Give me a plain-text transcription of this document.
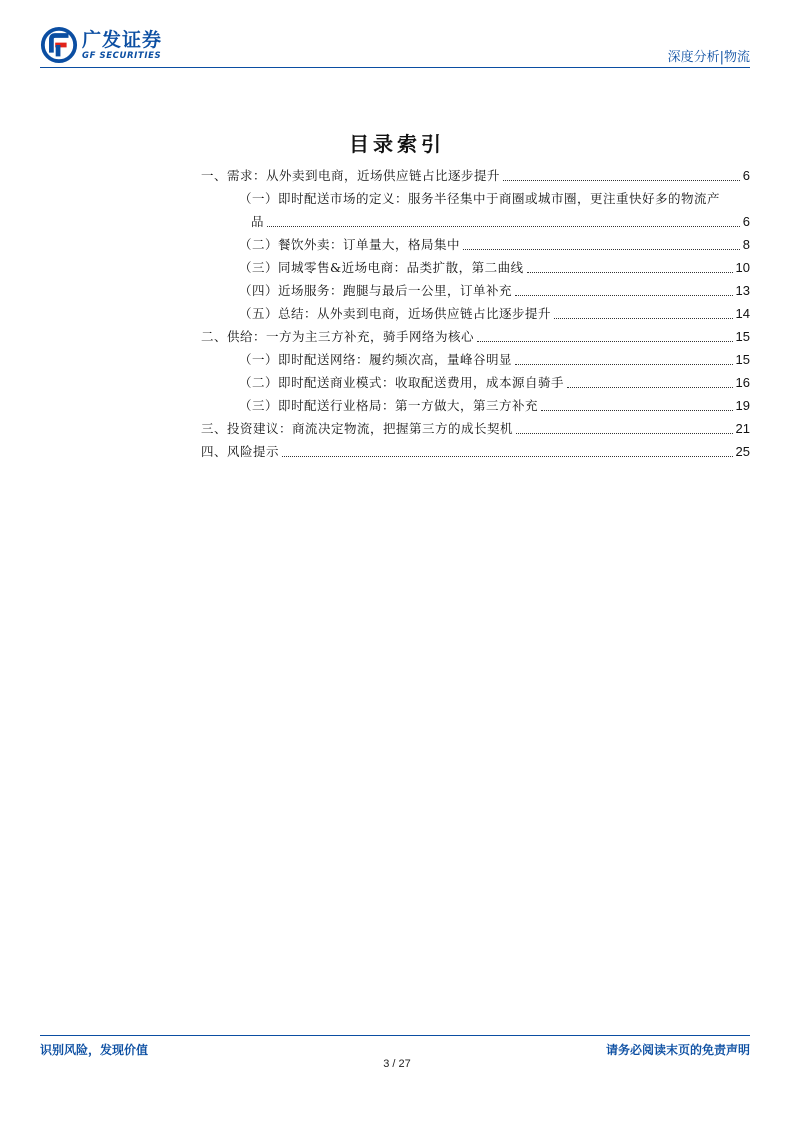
广发证券
GF SECURITIES	深度分析|物流
目录索引
一、需求：从外卖到电商，近场供应链占比逐步提升	6
（一）即时配送市场的定义：服务半径集中于商圈或城市圈，更注重快好多的物流产
品	6
（二）餐饮外卖：订单量大，格局集中	8
（三）同城零售&近场电商：品类扩散，第二曲线	10
（四）近场服务：跑腿与最后一公里，订单补充	13
（五）总结：从外卖到电商，近场供应链占比逐步提升	14
二、供给：一方为主三方补充，骑手网络为核心	15
（一）即时配送网络：履约频次高，量峰谷明显	15
（二）即时配送商业模式：收取配送费用，成本源自骑手	16
（三）即时配送行业格局：第一方做大，第三方补充	19
三、投资建议：商流决定物流，把握第三方的成长契机	21
四、风险提示	25
识别风险，发现价值	请务必阅读末页的免责声明
3 / 27
